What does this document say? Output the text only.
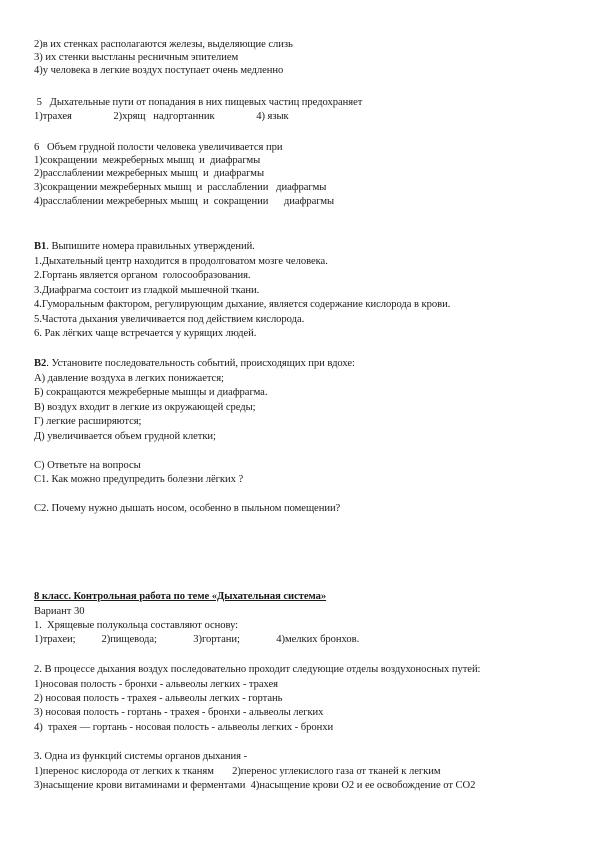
2)в их стенках располагаются железы, выделяющие слизь
3) их стенки выстланы ресничным эпителием
4)у человека в легкие воздух поступает очень медленно
5   Дыхательные пути от попадания в них пищевых частиц предохраняет
1)трахея                2)хрящ   надгортанник                4) язык
6   Объем грудной полости человека увеличивается при
1)сокращении  межреберных мышц  и  диафрагмы
2)расслаблении межреберных мышц  и  диафрагмы
3)сокращении межреберных мышц  и  расслаблении   диафрагмы
4)расслаблении межреберных мышц  и  сокращении      диафрагмы
В1. Выпишите номера правильных утверждений.
1.Дыхательный центр находится в продолговатом мозге человека.
2.Гортань является органом  голосообразования.
3.Диафрагма состоит из гладкой мышечной ткани.
4.Гуморальным фактором, регулирующим дыхание, является содержание кислорода в крови.
5.Частота дыхания увеличивается под действием кислорода.
6. Рак лёгких чаще встречается у курящих людей.
В2. Установите последовательность событий, происходящих при вдохе:
А) давление воздуха в легких понижается;
Б) сокращаются межреберные мышцы и диафрагма.
В) воздух входит в легкие из окружающей среды;
Г) легкие расширяются;
Д) увеличивается объем грудной клетки;
С) Ответьте на вопросы
С1. Как можно предупредить болезни лёгких ?
С2. Почему нужно дышать носом, особенно в пыльном помещении?
8 класс. Контрольная работа по теме «Дыхательная система»
Вариант 30
1.  Хрящевые полукольца составляют основу:
1)трахеи;          2)пищевода;              3)гортани;              4)мелких бронхов.
2. В процессе дыхания воздух последовательно проходит следующие отделы воздухоносных путей:
1)носовая полость - бронхи - альвеолы легких - трахея
2) носовая полость - трахея - альвеолы легких - гортань
3) носовая полость - гортань - трахея - бронхи - альвеолы легких
4)  трахея — гортань - носовая полость - альвеолы легких - бронхи
3. Одна из функций системы органов дыхания -
1)перенос кислорода от легких к тканям       2)перенос углекислого газа от тканей к легким
3)насыщение крови витаминами и ферментами  4)насыщение крови О2 и ее освобождение от СО2
